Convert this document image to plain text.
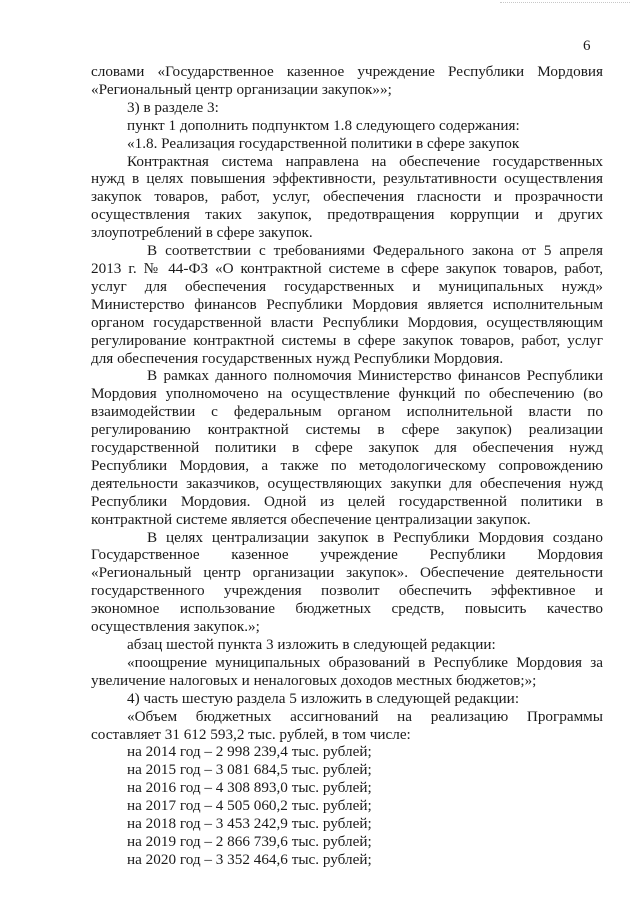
6
словами «Государственное казенное учреждение Республики Мордовия
«Региональный центр организации закупок»»;
3) в разделе 3:
пункт 1 дополнить подпунктом 1.8 следующего содержания:
«1.8. Реализация государственной политики в сфере закупок
Контрактная система направлена на обеспечение государственных
нужд в целях повышения эффективности, результативности осуществления
закупок товаров, работ, услуг, обеспечения гласности и прозрачности
осуществления таких закупок, предотвращения коррупции и других
злоупотреблений в сфере закупок.
В соответствии с требованиями Федерального закона от 5 апреля
2013 г. № 44-ФЗ «О контрактной системе в сфере закупок товаров, работ,
услуг для обеспечения государственных и муниципальных нужд»
Министерство финансов Республики Мордовия является исполнительным
органом государственной власти Республики Мордовия, осуществляющим
регулирование контрактной системы в сфере закупок товаров, работ, услуг
для обеспечения государственных нужд Республики Мордовия.
В рамках данного полномочия Министерство финансов Республики
Мордовия уполномочено на осуществление функций по обеспечению (во
взаимодействии с федеральным органом исполнительной власти по
регулированию контрактной системы в сфере закупок) реализации
государственной политики в сфере закупок для обеспечения нужд
Республики Мордовия, а также по методологическому сопровождению
деятельности заказчиков, осуществляющих закупки для обеспечения нужд
Республики Мордовия. Одной из целей государственной политики в
контрактной системе является обеспечение централизации закупок.
В целях централизации закупок в Республики Мордовия создано
Государственное казенное учреждение Республики Мордовия
«Региональный центр организации закупок». Обеспечение деятельности
государственного учреждения позволит обеспечить эффективное и
экономное использование бюджетных средств, повысить качество
осуществления закупок.»;
абзац шестой пункта 3 изложить в следующей редакции:
«поощрение муниципальных образований в Республике Мордовия за
увеличение налоговых и неналоговых доходов местных бюджетов;»;
4) часть шестую раздела 5 изложить в следующей редакции:
«Объем бюджетных ассигнований на реализацию Программы
составляет 31 612 593,2 тыс. рублей, в том числе:
на 2014 год – 2 998 239,4 тыс. рублей;
на 2015 год – 3 081 684,5 тыс. рублей;
на 2016 год – 4 308 893,0 тыс. рублей;
на 2017 год – 4 505 060,2 тыс. рублей;
на 2018 год – 3 453 242,9 тыс. рублей;
на 2019 год – 2 866 739,6 тыс. рублей;
на 2020 год – 3 352 464,6 тыс. рублей;
